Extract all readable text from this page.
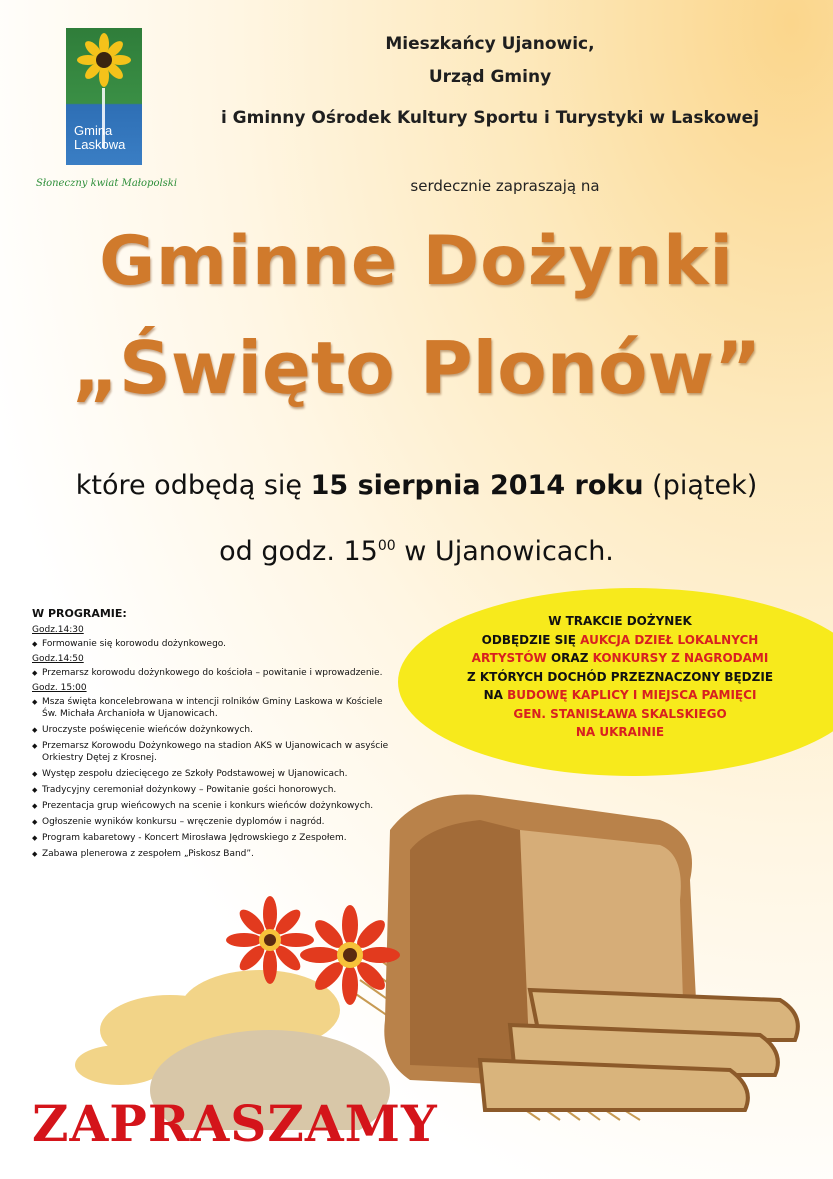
Gmina
Laskowa
Słoneczny kwiat Małopolski
Mieszkańcy Ujanowic,
Urząd Gminy
i Gminny Ośrodek Kultury Sportu i Turystyki w Laskowej
serdecznie zapraszają na
Gminne Dożynki
„Święto Plonów”
które odbędą się 15 sierpnia 2014 roku (piątek)
od godz. $15^{00}$ w Ujanowicach.
W PROGRAMIE:
Godz.14:30
◆ Formowanie się korowodu dożynkowego.
Godz.14:50
◆ Przemarsz korowodu dożynkowego do kościoła – powitanie i wprowadzenie.
Godz. 15:00
◆ Msza święta koncelebrowana w intencji rolników Gminy Laskowa w Kościele Św. Michała Archanioła w Ujanowicach.
◆ Uroczyste poświęcenie wieńców dożynkowych.
◆ Przemarsz Korowodu Dożynkowego na stadion AKS w Ujanowicach w asyście Orkiestry Dętej z Krosnej.
◆ Występ zespołu dziecięcego ze Szkoły Podstawowej w Ujanowicach.
◆ Tradycyjny ceremoniał dożynkowy – Powitanie gości honorowych.
◆ Prezentacja grup wieńcowych na scenie i konkurs wieńców dożynkowych.
◆ Ogłoszenie wyników konkursu – wręczenie dyplomów i nagród.
◆ Program kabaretowy - Koncert Mirosława Jędrowskiego z Zespołem.
◆ Zabawa plenerowa z zespołem „Piskosz Band”.
W TRAKCIE DOŻYNEK
ODBĘDZIE SIĘ AUKCJA DZIEŁ LOKALNYCH
ARTYSTÓW ORAZ KONKURSY Z NAGRODAMI
Z KTÓRYCH DOCHÓD PRZEZNACZONY BĘDZIE
NA BUDOWĘ KAPLICY I MIEJSCA PAMIĘCI
GEN. STANISŁAWA SKALSKIEGO
NA UKRAINIE
ZAPRASZAMY
